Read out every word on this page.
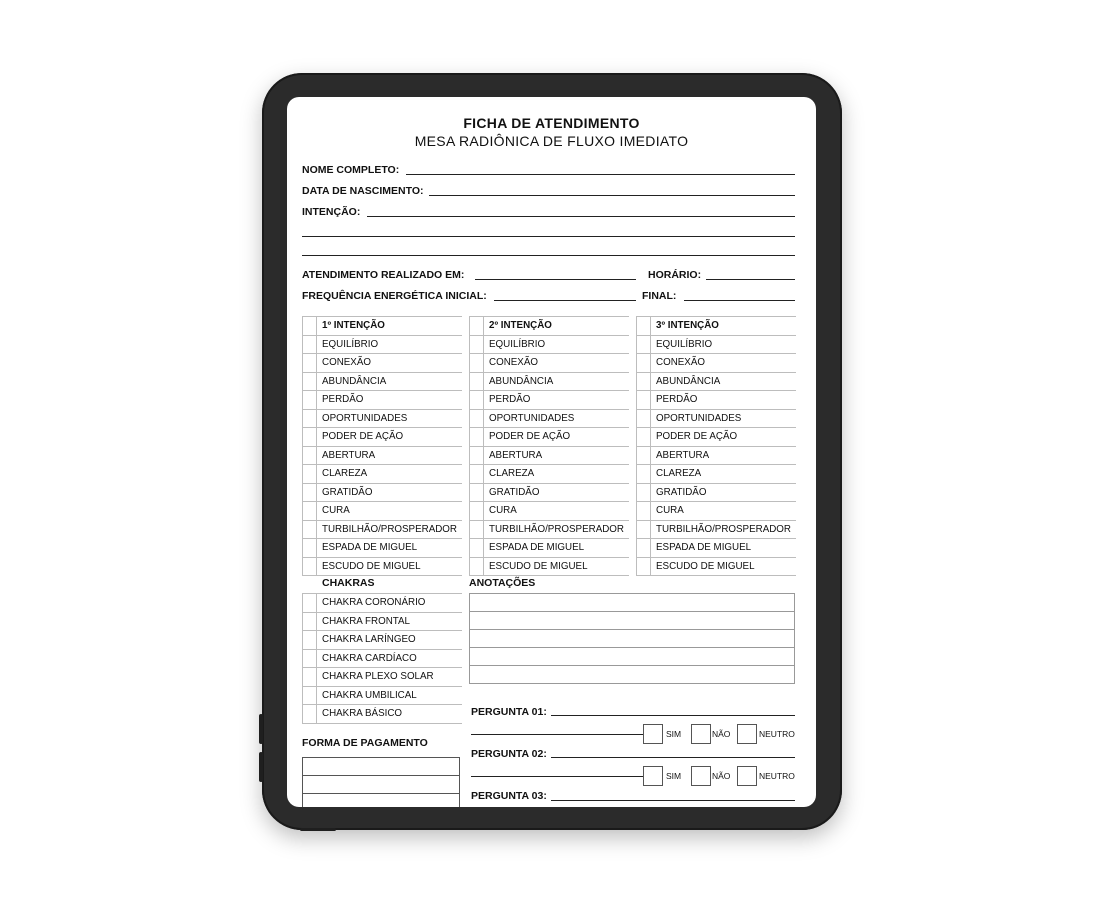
FICHA DE ATENDIMENTO
MESA RADIÔNICA DE FLUXO IMEDIATO
NOME COMPLETO:
DATA DE NASCIMENTO:
INTENÇÃO:
ATENDIMENTO REALIZADO EM:	HORÁRIO:
FREQUÊNCIA ENERGÉTICA INICIAL:	FINAL:
1º INTENÇÃO
EQUILÍBRIO
CONEXÃO
ABUNDÂNCIA
PERDÃO
OPORTUNIDADES
PODER DE AÇÃO
ABERTURA
CLAREZA
GRATIDÃO
CURA
TURBILHÃO/PROSPERADOR
ESPADA DE MIGUEL
ESCUDO DE MIGUEL
2º INTENÇÃO
EQUILÍBRIO
CONEXÃO
ABUNDÂNCIA
PERDÃO
OPORTUNIDADES
PODER DE AÇÃO
ABERTURA
CLAREZA
GRATIDÃO
CURA
TURBILHÃO/PROSPERADOR
ESPADA DE MIGUEL
ESCUDO DE MIGUEL
3º INTENÇÃO
EQUILÍBRIO
CONEXÃO
ABUNDÂNCIA
PERDÃO
OPORTUNIDADES
PODER DE AÇÃO
ABERTURA
CLAREZA
GRATIDÃO
CURA
TURBILHÃO/PROSPERADOR
ESPADA DE MIGUEL
ESCUDO DE MIGUEL
CHAKRAS
CHAKRA CORONÁRIO
CHAKRA FRONTAL
CHAKRA LARÍNGEO
CHAKRA CARDÍACO
CHAKRA PLEXO SOLAR
CHAKRA UMBILICAL
CHAKRA BÁSICO
ANOTAÇÕES
FORMA DE PAGAMENTO
PERGUNTA 01:
SIM	NÃO	NEUTRO
PERGUNTA 02:
SIM	NÃO	NEUTRO
PERGUNTA 03:
